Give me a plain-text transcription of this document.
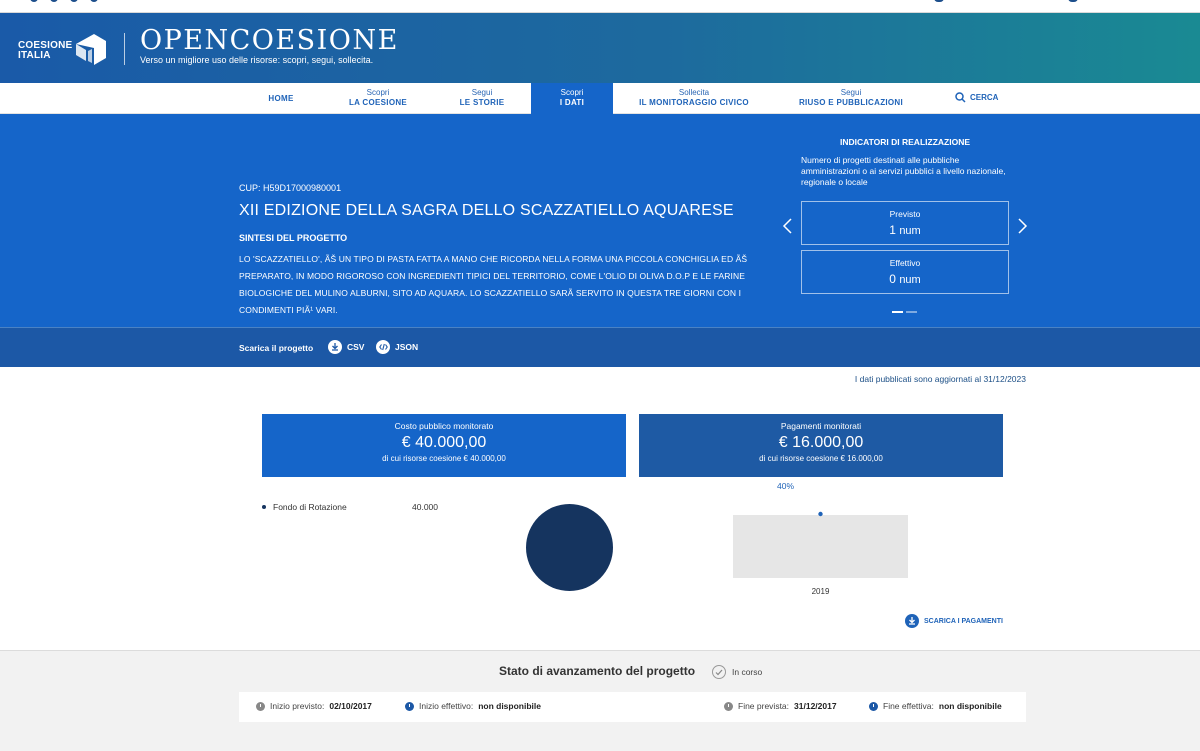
COESIONE
ITALIA	OPENCOESIONE
Verso un migliore uso delle risorse: scopri, segui, sollecita.
HOME
Scopri
LA COESIONE
Segui
LE STORIE
Scopri
I DATI
Sollecita
IL MONITORAGGIO CIVICO
Segui
RIUSO E PUBBLICAZIONI
CERCA
CUP: H59D17000980001
XII EDIZIONE DELLA SAGRA DELLO SCAZZATIELLO AQUARESE
SINTESI DEL PROGETTO

LO 'SCAZZATIELLO', ÃŠ UN TIPO DI PASTA FATTA A MANO CHE RICORDA NELLA FORMA UNA PICCOLA CONCHIGLIA ED ÃŠ PREPARATO, IN MODO RIGOROSO CON INGREDIENTI TIPICI DEL TERRITORIO, COME L'OLIO DI OLIVA D.O.P E LE FARINE BIOLOGICHE DEL MULINO ALBURNI, SITO AD AQUARA. LO SCAZZATIELLO SARÃ SERVITO IN QUESTA TRE GIORNI CON I CONDIMENTI PIÃ¹ VARI.

INDICATORI DI REALIZZAZIONE
Numero di progetti destinati alle pubbliche amministrazioni o ai servizi pubblici a livello nazionale, regionale o locale
Previsto
1 num
Effettivo
0 num
Scarica il progetto	CSV	JSON
I dati pubblicati sono aggiornati al 31/12/2023
Costo pubblico monitorato
€ 40.000,00
di cui risorse coesione € 40.000,00
Pagamenti monitorati
€ 16.000,00
di cui risorse coesione € 16.000,00
Fondo di Rotazione	40.000
40%
2019
SCARICA I PAGAMENTI
Stato di avanzamento del progetto	In corso
Inizio previsto: 02/10/2017	Inizio effettivo: non disponibile	Fine prevista: 31/12/2017	Fine effettiva: non disponibile
